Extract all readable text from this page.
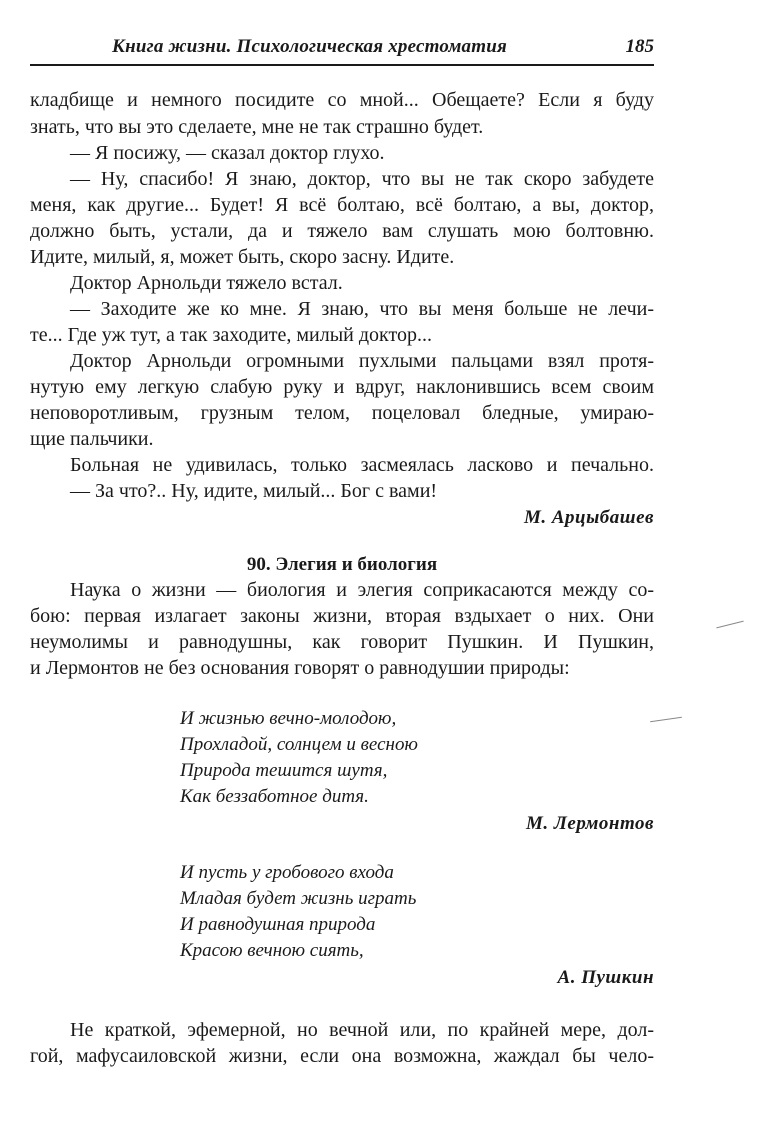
Книга жизни. Психологическая хрестоматия	185
кладбище и немного посидите со мной... Обещаете? Если я буду
знать, что вы это сделаете, мне не так страшно будет.
— Я посижу, — сказал доктор глухо.
— Ну, спасибо! Я знаю, доктор, что вы не так скоро забудете
меня, как другие... Будет! Я всё болтаю, всё болтаю, а вы, доктор,
должно быть, устали, да и тяжело вам слушать мою болтовню.
Идите, милый, я, может быть, скоро засну. Идите.
Доктор Арнольди тяжело встал.
— Заходите же ко мне. Я знаю, что вы меня больше не лечи-
те... Где уж тут, а так заходите, милый доктор...
Доктор Арнольди огромными пухлыми пальцами взял протя-
нутую ему легкую слабую руку и вдруг, наклонившись всем своим
неповоротливым, грузным телом, поцеловал бледные, умираю-
щие пальчики.
Больная не удивилась, только засмеялась ласково и печально.
— За что?.. Ну, идите, милый... Бог с вами!
М. Арцыбашев
90. Элегия и биология
Наука о жизни — биология и элегия соприкасаются между со-
бою: первая излагает законы жизни, вторая вздыхает о них. Они
неумолимы и равнодушны, как говорит Пушкин. И Пушкин,
и Лермонтов не без основания говорят о равнодушии природы:
И жизнью вечно-молодою,
Прохладой, солнцем и весною
Природа тешится шутя,
Как беззаботное дитя.
М. Лермонтов
И пусть у гробового входа
Младая будет жизнь играть
И равнодушная природа
Красою вечною сиять,
А. Пушкин
Не краткой, эфемерной, но вечной или, по крайней мере, дол-
гой, мафусаиловской жизни, если она возможна, жаждал бы чело-
